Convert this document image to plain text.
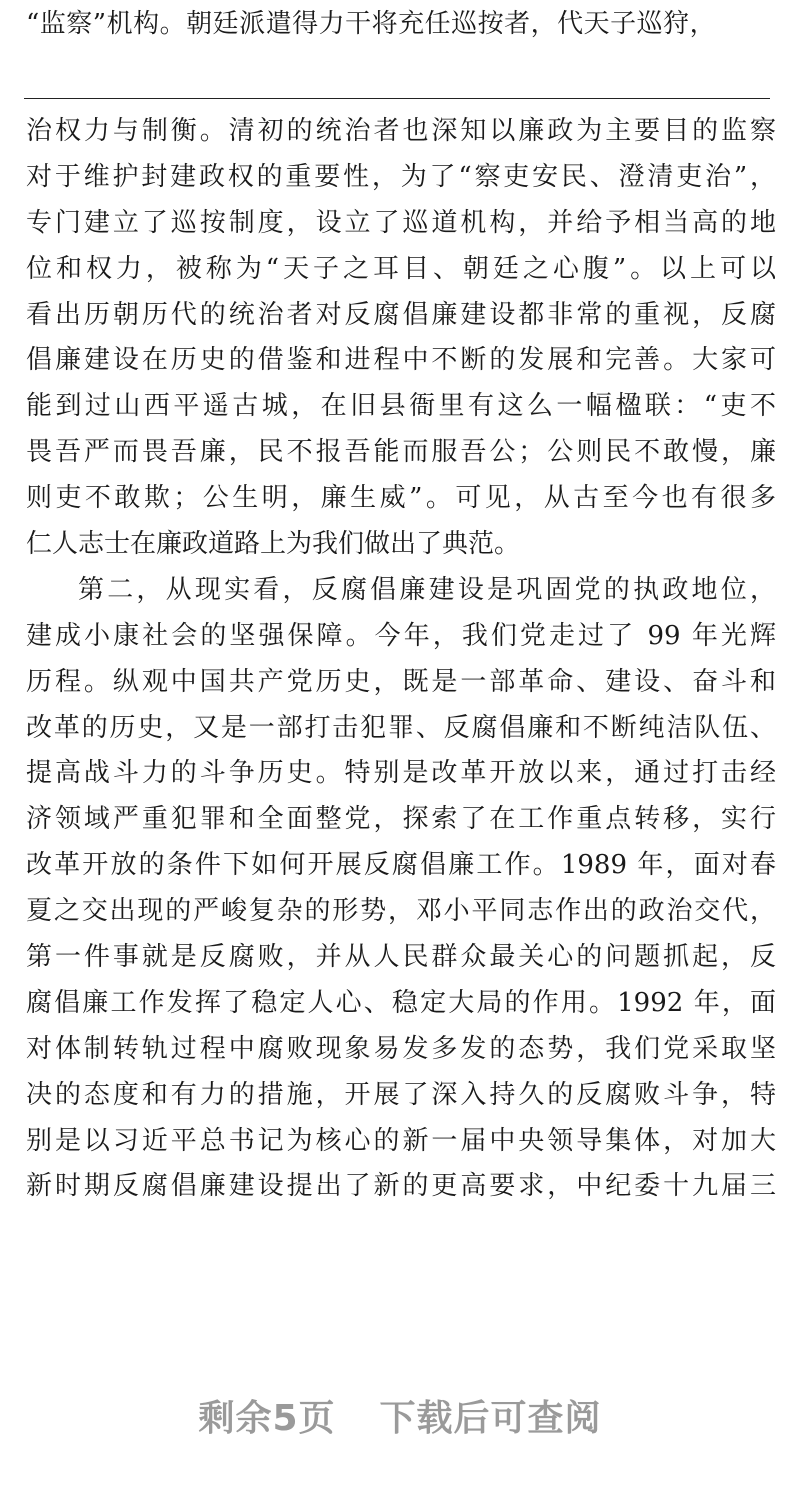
“监察”机构。朝廷派遣得力干将充任巡按者，代天子巡狩，
治权力与制衡。清初的统治者也深知以廉政为主要目的监察
对于维护封建政权的重要性，为了“察吏安民、澄清吏治”，
专门建立了巡按制度，设立了巡道机构，并给予相当高的地
位和权力，被称为“天子之耳目、朝廷之心腹”。以上可以
看出历朝历代的统治者对反腐倡廉建设都非常的重视，反腐
倡廉建设在历史的借鉴和进程中不断的发展和完善。大家可
能到过山西平遥古城，在旧县衙里有这么一幅楹联：“吏不
畏吾严而畏吾廉，民不报吾能而服吾公；公则民不敢慢，廉
则吏不敢欺；公生明，廉生威”。可见，从古至今也有很多
仁人志士在廉政道路上为我们做出了典范。
第二，从现实看，反腐倡廉建设是巩固党的执政地位，
建成小康社会的坚强保障。今年，我们党走过了 99 年光辉
历程。纵观中国共产党历史，既是一部革命、建设、奋斗和
改革的历史，又是一部打击犯罪、反腐倡廉和不断纯洁队伍、
提高战斗力的斗争历史。特别是改革开放以来，通过打击经
济领域严重犯罪和全面整党，探索了在工作重点转移，实行
改革开放的条件下如何开展反腐倡廉工作。1989 年，面对春
夏之交出现的严峻复杂的形势，邓小平同志作出的政治交代，
第一件事就是反腐败，并从人民群众最关心的问题抓起，反
腐倡廉工作发挥了稳定人心、稳定大局的作用。1992 年，面
对体制转轨过程中腐败现象易发多发的态势，我们党采取坚
决的态度和有力的措施，开展了深入持久的反腐败斗争，特
别是以习近平总书记为核心的新一届中央领导集体，对加大
新时期反腐倡廉建设提出了新的更高要求，中纪委十九届三
剩余5页 下载后可查阅
